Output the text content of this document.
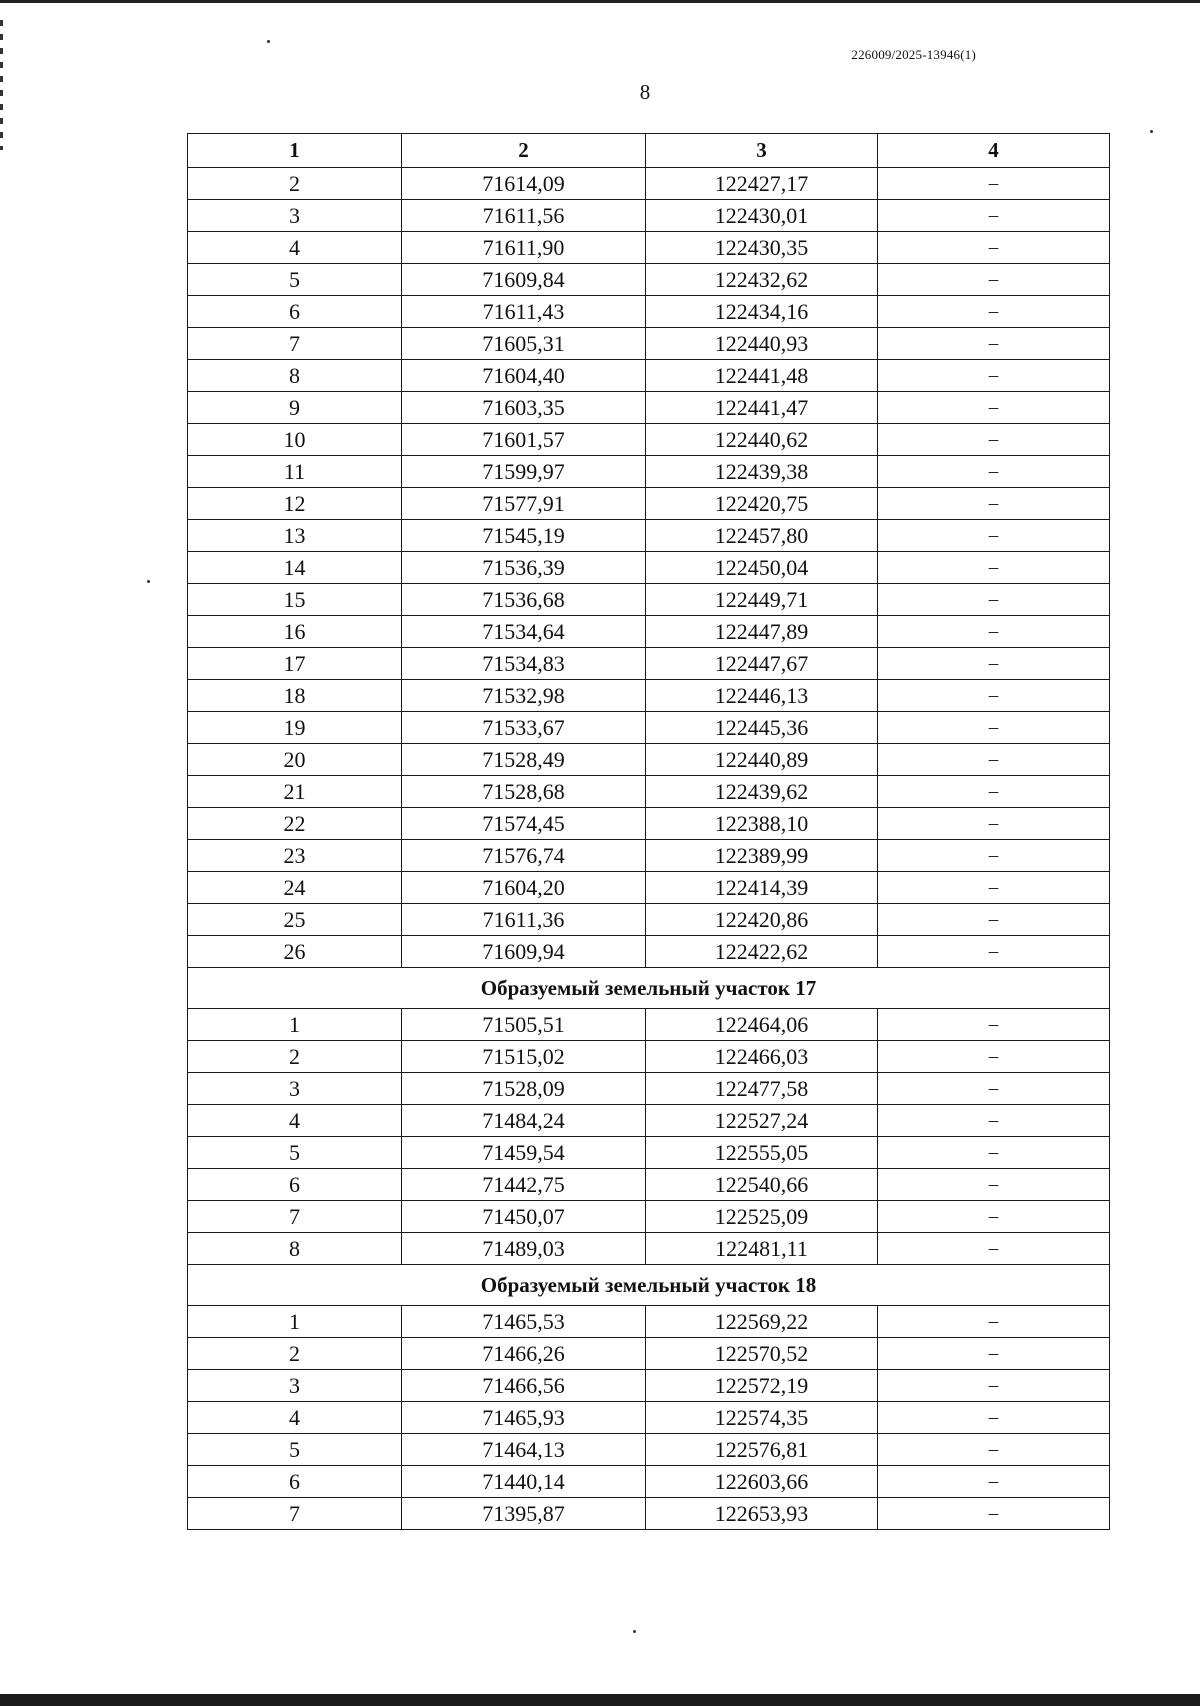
226009/2025-13946(1)
8
1	2	3	4
2	71614,09	122427,17	–
3	71611,56	122430,01	–
4	71611,90	122430,35	–
5	71609,84	122432,62	–
6	71611,43	122434,16	–
7	71605,31	122440,93	–
8	71604,40	122441,48	–
9	71603,35	122441,47	–
10	71601,57	122440,62	–
11	71599,97	122439,38	–
12	71577,91	122420,75	–
13	71545,19	122457,80	–
14	71536,39	122450,04	–
15	71536,68	122449,71	–
16	71534,64	122447,89	–
17	71534,83	122447,67	–
18	71532,98	122446,13	–
19	71533,67	122445,36	–
20	71528,49	122440,89	–
21	71528,68	122439,62	–
22	71574,45	122388,10	–
23	71576,74	122389,99	–
24	71604,20	122414,39	–
25	71611,36	122420,86	–
26	71609,94	122422,62	–
Образуемый земельный участок 17			
1	71505,51	122464,06	–
2	71515,02	122466,03	–
3	71528,09	122477,58	–
4	71484,24	122527,24	–
5	71459,54	122555,05	–
6	71442,75	122540,66	–
7	71450,07	122525,09	–
8	71489,03	122481,11	–
Образуемый земельный участок 18			
1	71465,53	122569,22	–
2	71466,26	122570,52	–
3	71466,56	122572,19	–
4	71465,93	122574,35	–
5	71464,13	122576,81	–
6	71440,14	122603,66	–
7	71395,87	122653,93	–
